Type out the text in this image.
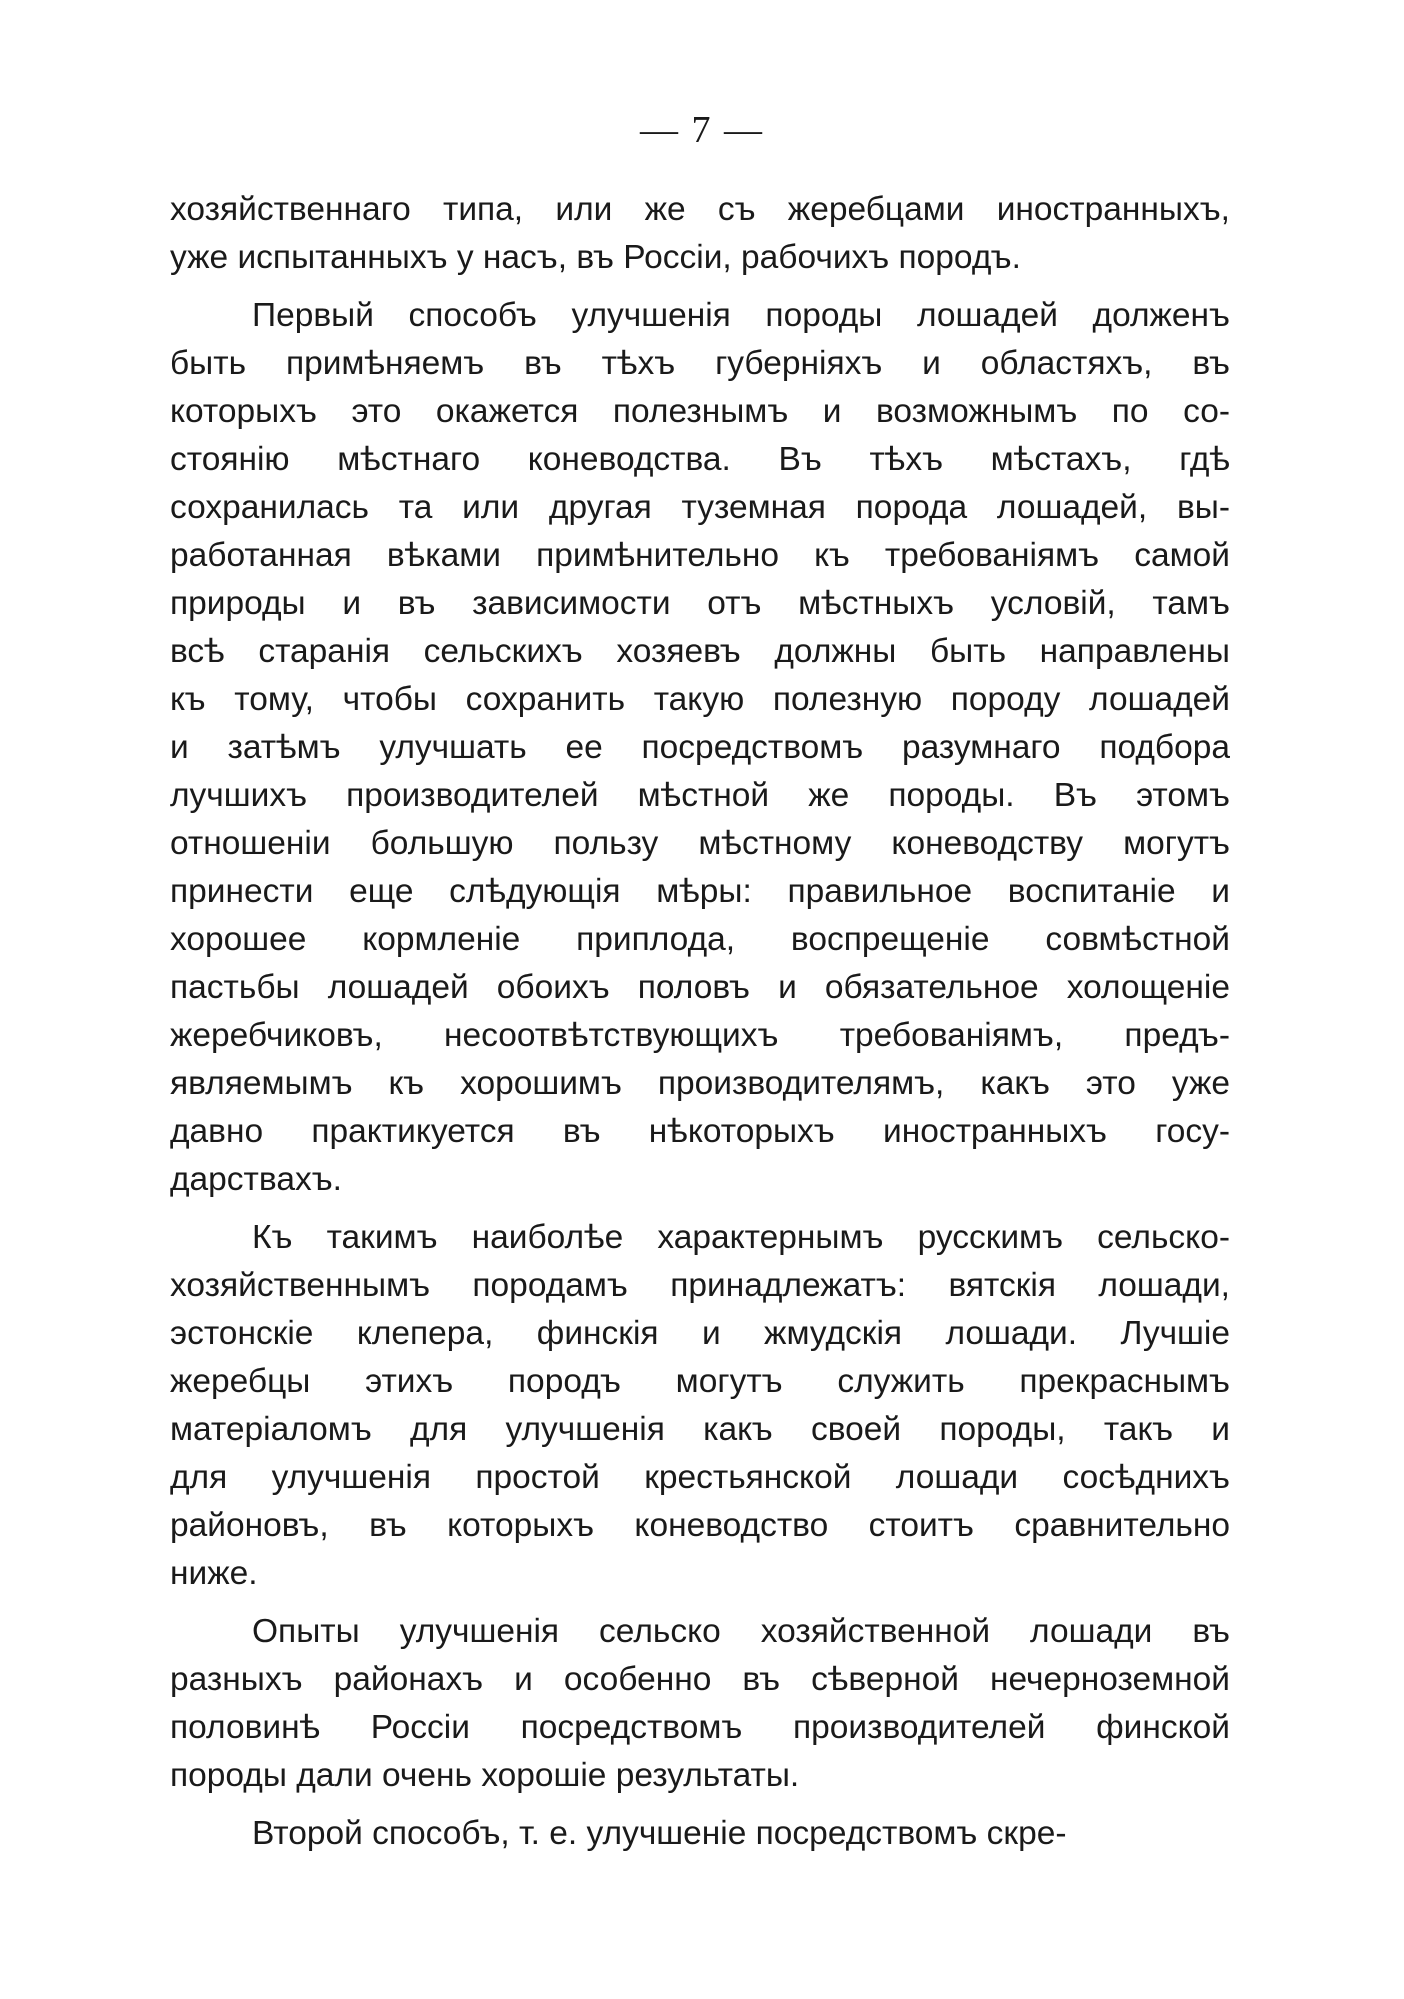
— 7 —
хозяйственнаго типа, или же съ жеребцами иностранныхъ,
уже испытанныхъ у насъ, въ Россіи, рабочихъ породъ.
Первый способъ улучшенія породы лошадей долженъ
быть примѣняемъ въ тѣхъ губерніяхъ и областяхъ, въ
которыхъ это окажется полезнымъ и возможнымъ по со-
стоянію мѣстнаго коневодства. Въ тѣхъ мѣстахъ, гдѣ
сохранилась та или другая туземная порода лошадей, вы-
работанная вѣками примѣнительно къ требованіямъ самой
природы и въ зависимости отъ мѣстныхъ условій, тамъ
всѣ старанія сельскихъ хозяевъ должны быть направлены
къ тому, чтобы сохранить такую полезную породу лошадей
и затѣмъ улучшать ее посредствомъ разумнаго подбора
лучшихъ производителей мѣстной же породы. Въ этомъ
отношеніи большую пользу мѣстному коневодству могутъ
принести еще слѣдующія мѣры: правильное воспитаніе и
хорошее кормленіе приплода, воспрещеніе совмѣстной
пастьбы лошадей обоихъ половъ и обязательное холощеніе
жеребчиковъ, несоотвѣтствующихъ требованіямъ, предъ-
являемымъ къ хорошимъ производителямъ, какъ это уже
давно практикуется въ нѣкоторыхъ иностранныхъ госу-
дарствахъ.
Къ такимъ наиболѣе характернымъ русскимъ сельско-
хозяйственнымъ породамъ принадлежатъ: вятскія лошади,
эстонскіе клепера, финскія и жмудскія лошади. Лучшіе
жеребцы этихъ породъ могутъ служить прекраснымъ
матеріаломъ для улучшенія какъ своей породы, такъ и
для улучшенія простой крестьянской лошади сосѣднихъ
районовъ, въ которыхъ коневодство стоитъ сравнительно
ниже.
Опыты улучшенія сельско хозяйственной лошади въ
разныхъ районахъ и особенно въ сѣверной нечерноземной
половинѣ Россіи посредствомъ производителей финской
породы дали очень хорошіе результаты.
Второй способъ, т. е. улучшеніе посредствомъ скре-
